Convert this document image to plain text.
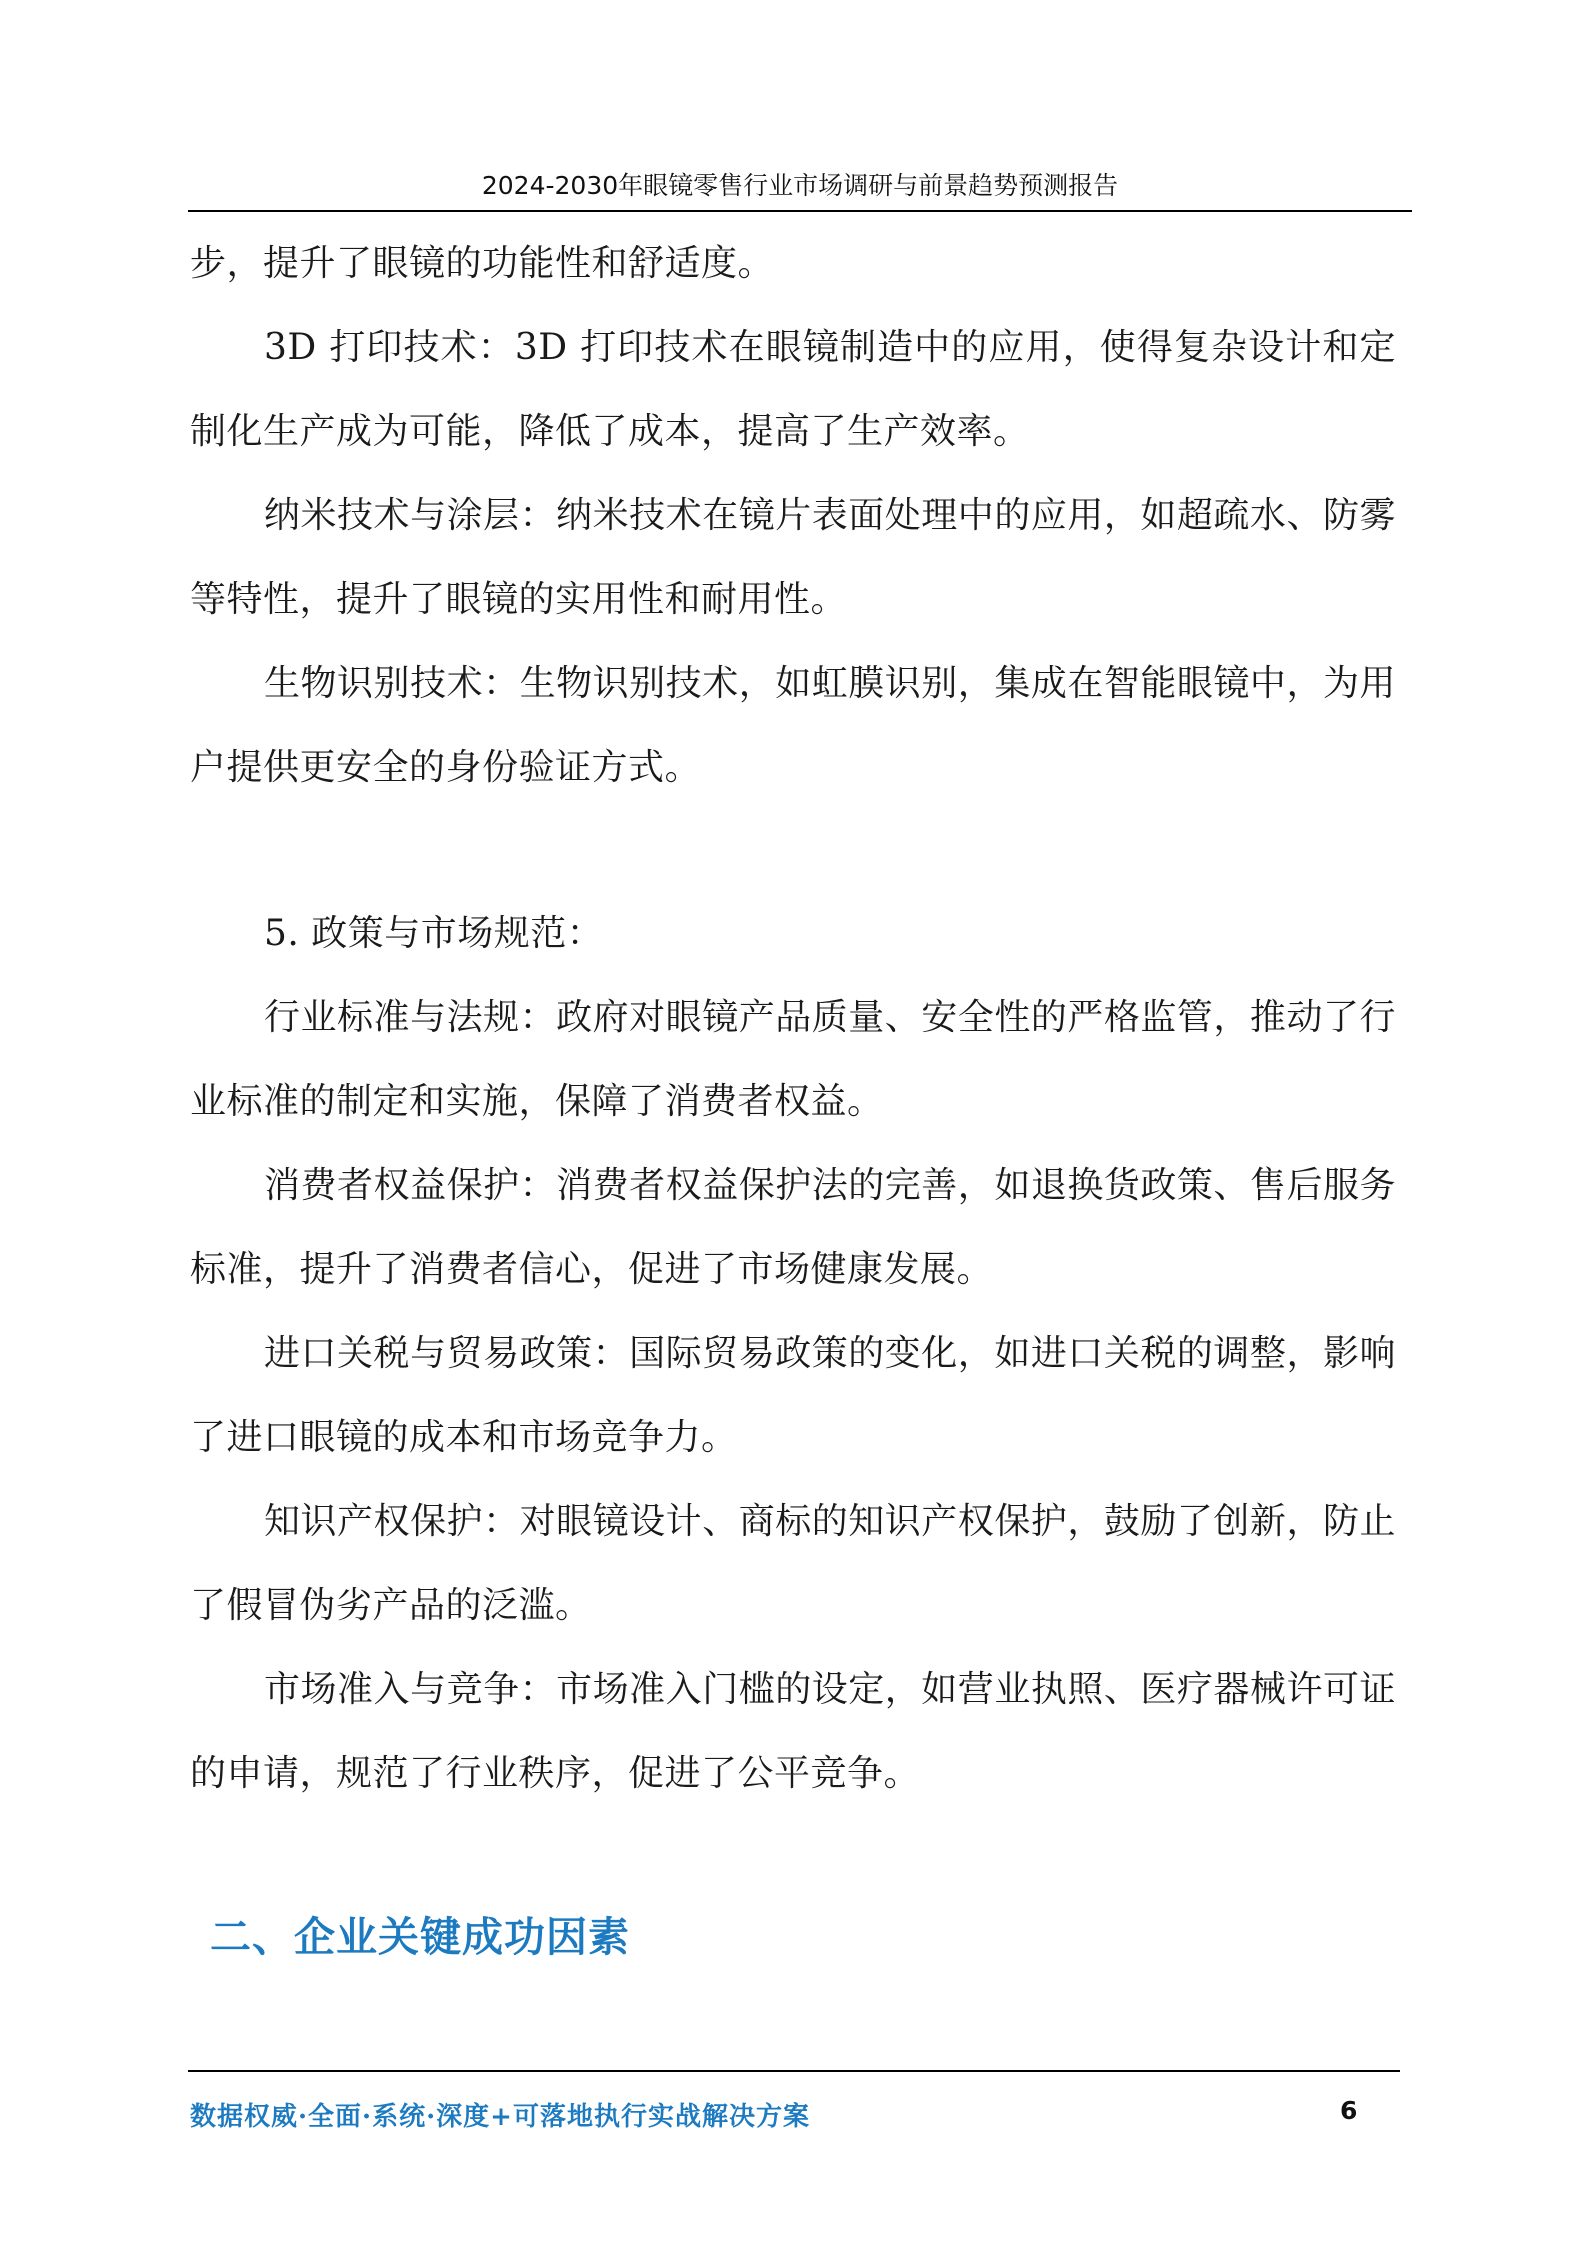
2024-2030年眼镜零售行业市场调研与前景趋势预测报告

步，提升了眼镜的功能性和舒适度。

3D 打印技术：3D 打印技术在眼镜制造中的应用，使得复杂设计和定制化生产成为可能，降低了成本，提高了生产效率。

纳米技术与涂层：纳米技术在镜片表面处理中的应用，如超疏水、防雾等特性，提升了眼镜的实用性和耐用性。

生物识别技术：生物识别技术，如虹膜识别，集成在智能眼镜中，为用户提供更安全的身份验证方式。

5. 政策与市场规范：

行业标准与法规：政府对眼镜产品质量、安全性的严格监管，推动了行业标准的制定和实施，保障了消费者权益。

消费者权益保护：消费者权益保护法的完善，如退换货政策、售后服务标准，提升了消费者信心，促进了市场健康发展。

进口关税与贸易政策：国际贸易政策的变化，如进口关税的调整，影响了进口眼镜的成本和市场竞争力。

知识产权保护：对眼镜设计、商标的知识产权保护，鼓励了创新，防止了假冒伪劣产品的泛滥。

市场准入与竞争：市场准入门槛的设定，如营业执照、医疗器械许可证的申请，规范了行业秩序，促进了公平竞争。

二、企业关键成功因素
数据权威·全面·系统·深度+可落地执行实战解决方案	6
